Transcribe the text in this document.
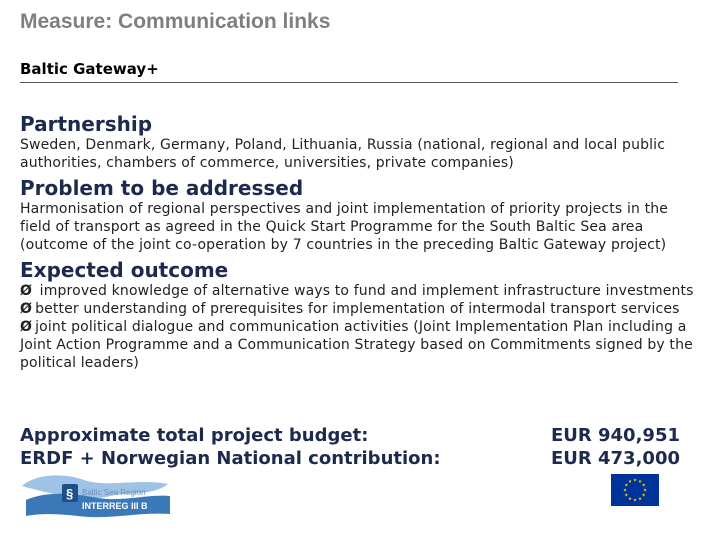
Measure: Communication links
Baltic Gateway+

Partnership

Sweden, Denmark, Germany, Poland, Lithuania, Russia (national, regional and local public authorities, chambers of commerce, universities, private companies)

Problem to be addressed

Harmonisation of regional perspectives and joint implementation of priority projects in the field of transport as agreed in the Quick Start Programme for the South Baltic Sea area (outcome of the joint co-operation by 7 countries in the preceding Baltic Gateway project)

Expected outcome

Ø improved knowledge of alternative ways to fund and implement infrastructure investments
Ø better understanding of prerequisites for implementation of intermodal transport services
Ø joint political dialogue and communication activities (Joint Implementation Plan including a Joint Action Programme and a Communication Strategy based on Commitments signed by the political leaders)
Approximate total project budget:	EUR 940,951
ERDF + Norwegian National contribution:	EUR 473,000
§ Baltic Sea Region
INTERREG III B
